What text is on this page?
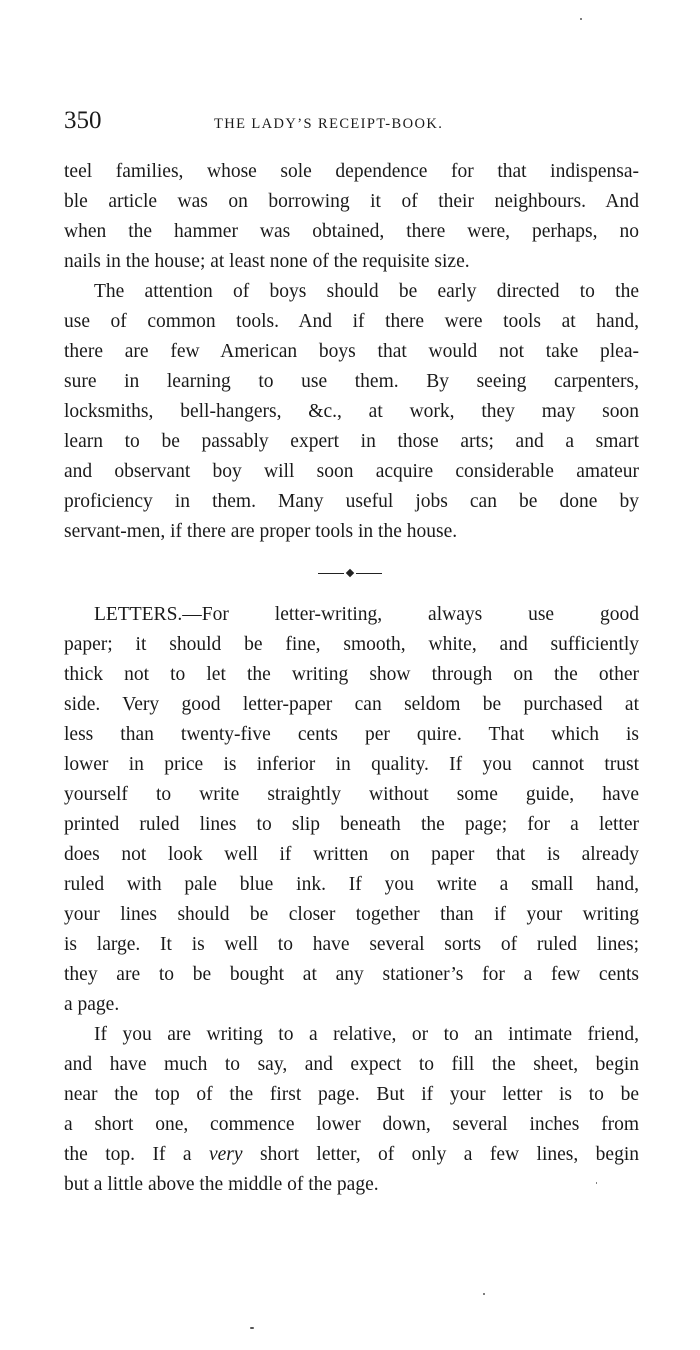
350	THE LADY’S RECEIPT-BOOK.
teel families, whose sole dependence for that indispensa-
ble article was on borrowing it of their neighbours. And
when the hammer was obtained, there were, perhaps, no
nails in the house; at least none of the requisite size.
The attention of boys should be early directed to the
use of common tools. And if there were tools at hand,
there are few American boys that would not take plea-
sure in learning to use them. By seeing carpenters,
locksmiths, bell-hangers, &c., at work, they may soon
learn to be passably expert in those arts; and a smart
and observant boy will soon acquire considerable amateur
proficiency in them. Many useful jobs can be done by
servant-men, if there are proper tools in the house.
LETTERS.—For letter-writing, always use good
paper; it should be fine, smooth, white, and sufficiently
thick not to let the writing show through on the other
side. Very good letter-paper can seldom be purchased at
less than twenty-five cents per quire. That which is
lower in price is inferior in quality. If you cannot trust
yourself to write straightly without some guide, have
printed ruled lines to slip beneath the page; for a letter
does not look well if written on paper that is already
ruled with pale blue ink. If you write a small hand,
your lines should be closer together than if your writing
is large. It is well to have several sorts of ruled lines;
they are to be bought at any stationer’s for a few cents
a page.
If you are writing to a relative, or to an intimate friend,
and have much to say, and expect to fill the sheet, begin
near the top of the first page. But if your letter is to be
a short one, commence lower down, several inches from
the top. If a very short letter, of only a few lines, begin
but a little above the middle of the page.
